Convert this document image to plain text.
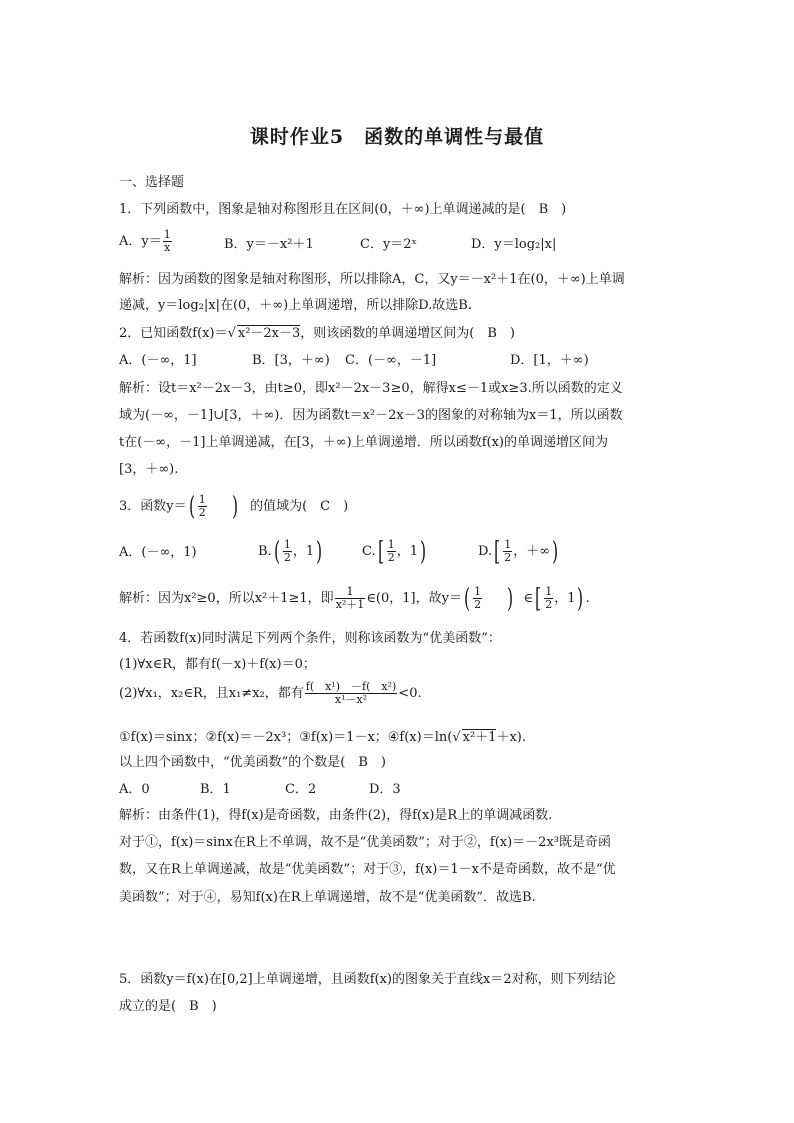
课时作业5　函数的单调性与最值
一、选择题
1．下列函数中，图象是轴对称图形且在区间(0，＋∞)上单调递减的是(　B　)
A．$y= \frac{1}{x}$	B．y＝－x²＋1	C．y＝2ˣ	D．y＝log₂|x|
解析：因为函数的图象是轴对称图形，所以排除A，C，又y＝－x²＋1在(0，＋∞)上单调
递减，y＝log₂|x|在(0，＋∞)上单调递增，所以排除D.故选B.
2．已知函数f(x)＝√ x²－2x－3，则该函数的单调递增区间为(　B　)
A．(－∞，1]	B．[3，＋∞) C．(－∞，－1]	D．[1，＋∞)
解析：设t＝x²－2x－3，由t≥0，即x²－2x－3≥0，解得x≤－1或x≥3.所以函数的定义
域为(－∞，－1]∪[3，＋∞)．因为函数t＝x²－2x－3的图象的对称轴为x＝1，所以函数
t在(－∞，－1]上单调递减，在[3，＋∞)上单调递增．所以函数f(x)的单调递增区间为
[3，＋∞).
3．函数$y=( \frac{1}{2}$ ) 的值域为(　C　)
A．(－∞，1)	$B.( \frac{1}{2}$ ，1)	$C.[ \frac{1}{2}$ ，1)	$D.[ \frac{1}{2}$ ，＋∞)
解析：因为x²≥0，所以x²＋1≥1，即 $\frac{1}{\text{x²＋1}}$ ∈(0，1]，故$y=( \frac{1}{2}$ ) ∈[ $\frac{1}{2}$ ，1) .
4．若函数f(x)同时满足下列两个条件，则称该函数为“优美函数”：
(1)∀x∈R，都有f(－x)＋f(x)＝0；
(2)∀x₁，x₂∈R，且x₁≠x₂，都有 $\frac{\text{f(　x¹)　－f(　x²)}}{\text{x¹－x²}} <0$.
①f(x)＝sinx；②f(x)＝－2x³；③f(x)＝1－x；④f(x)＝ln(√ x²＋1＋x).
以上四个函数中，“优美函数”的个数是(　B　)
A．0	B．1	C．2	D．3
解析：由条件(1)，得f(x)是奇函数，由条件(2)，得f(x)是R上的单调减函数.
对于①，f(x)＝sinx在R上不单调，故不是“优美函数”；对于②，f(x)＝－2x³既是奇函
数，又在R上单调递减，故是“优美函数”；对于③，f(x)＝1－x不是奇函数，故不是“优
美函数”；对于④，易知f(x)在R上单调递增，故不是“优美函数”．故选B.
5．函数y＝f(x)在[0,2]上单调递增，且函数f(x)的图象关于直线x＝2对称，则下列结论
成立的是(　B　)
